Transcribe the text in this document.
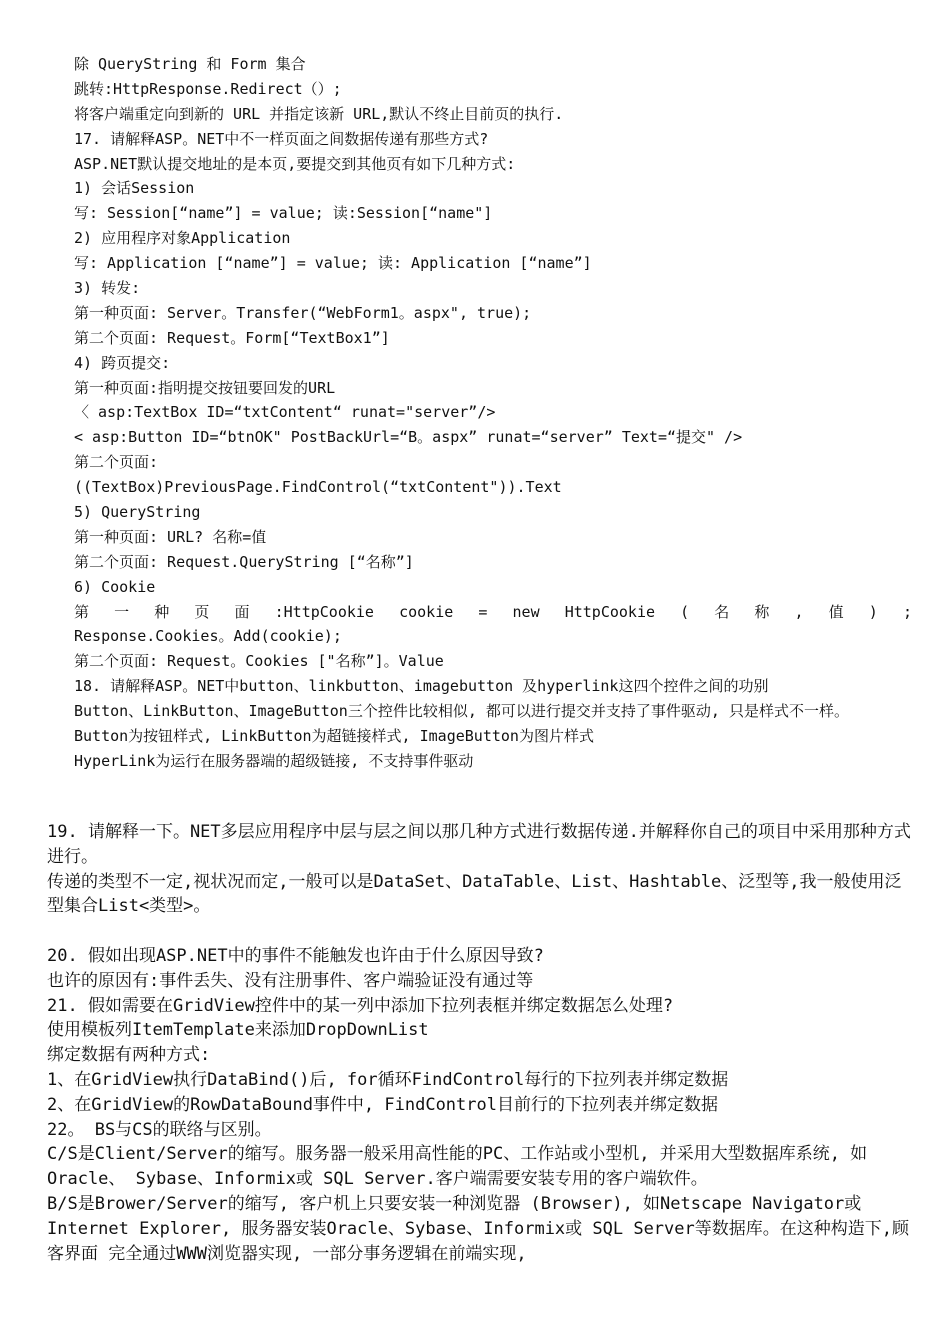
除 QueryString 和 Form 集合
跳转:HttpResponse.Redirect（）;
将客户端重定向到新的 URL 并指定该新 URL,默认不终止目前页的执行.
17. 请解释ASP。NET中不一样页面之间数据传递有那些方式?
ASP.NET默认提交地址的是本页,要提交到其他页有如下几种方式:
1) 会话Session
写: Session[“name”] = value; 读:Session[“name"]
2) 应用程序对象Application
写: Application [“name”] = value; 读: Application [“name”]
3) 转发:
第一种页面: Server。Transfer(“WebForm1。aspx", true);
第二个页面: Request。Form[“TextBox1”]
4) 跨页提交:
第一种页面:指明提交按钮要回发的URL
〈 asp:TextBox ID=“txtContent“ runat="server”/>
< asp:Button ID=“btnOK" PostBackUrl=“B。aspx” runat=“server” Text=“提交" />
第二个页面:
((TextBox)PreviousPage.FindControl(“txtContent")).Text
5) QueryString
第一种页面: URL? 名称=值
第二个页面: Request.QueryString [“名称”]
6) Cookie
第 一 种 页 面 :HttpCookie cookie = new HttpCookie ( 名 称 , 值 ) ;
Response.Cookies。Add(cookie);
第二个页面: Request。Cookies ["名称”]。Value
18. 请解释ASP。NET中button、linkbutton、imagebutton 及hyperlink这四个控件之间的功别
Button、LinkButton、ImageButton三个控件比较相似, 都可以进行提交并支持了事件驱动, 只是样式不一样。
Button为按钮样式, LinkButton为超链接样式, ImageButton为图片样式
HyperLink为运行在服务器端的超级链接, 不支持事件驱动
19. 请解释一下。NET多层应用程序中层与层之间以那几种方式进行数据传递.并解释你自己的项目中采用那种方式进行。
传递的类型不一定,视状况而定,一般可以是DataSet、DataTable、List、Hashtable、泛型等,我一般使用泛型集合List<类型>。
20. 假如出现ASP.NET中的事件不能触发也许由于什么原因导致?
也许的原因有:事件丢失、没有注册事件、客户端验证没有通过等
21. 假如需要在GridView控件中的某一列中添加下拉列表框并绑定数据怎么处理?
使用模板列ItemTemplate来添加DropDownList
绑定数据有两种方式:
1、在GridView执行DataBind()后, for循环FindControl每行的下拉列表并绑定数据
2、在GridView的RowDataBound事件中, FindControl目前行的下拉列表并绑定数据
22。 BS与CS的联络与区别。
C/S是Client/Server的缩写。服务器一般采用高性能的PC、工作站或小型机, 并采用大型数据库系统, 如Oracle、 Sybase、Informix或 SQL Server.客户端需要安装专用的客户端软件。
B/S是Brower/Server的缩写, 客户机上只要安装一种浏览器 (Browser), 如Netscape Navigator或 Internet Explorer, 服务器安装Oracle、Sybase、Informix或 SQL Server等数据库。在这种构造下,顾客界面 完全通过WWW浏览器实现, 一部分事务逻辑在前端实现,
